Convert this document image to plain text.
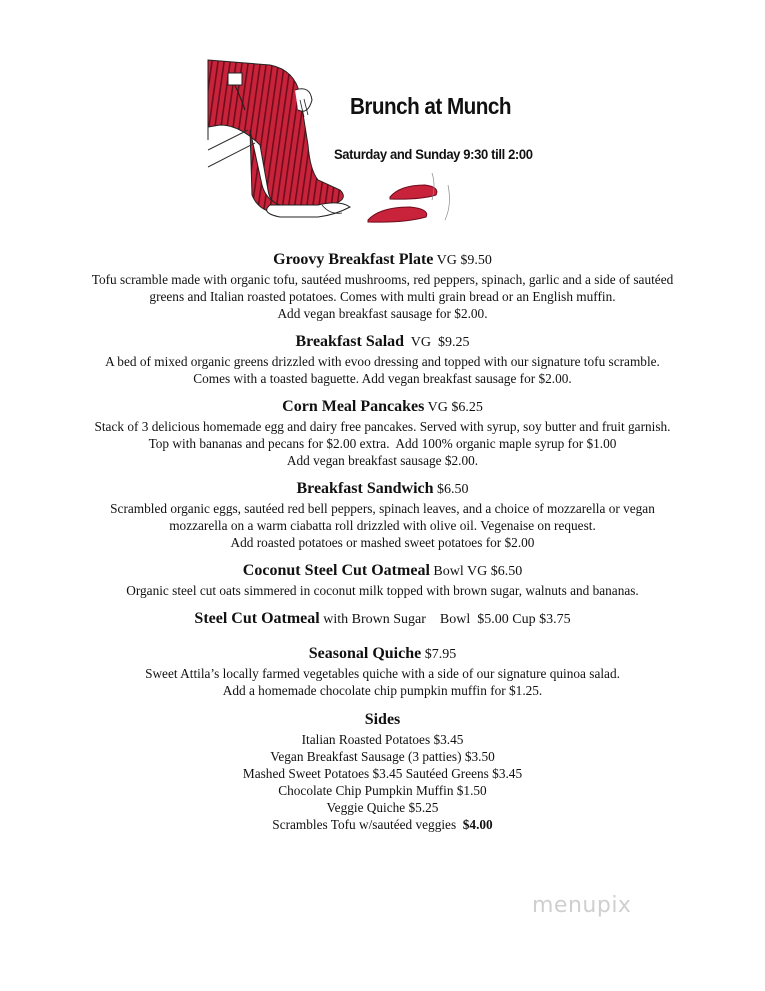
Brunch at Munch
Saturday and Sunday 9:30 till 2:00
Groovy Breakfast Plate VG $9.50
Tofu scramble made with organic tofu, sautéed mushrooms, red peppers, spinach, garlic and a side of sautéed
greens and Italian roasted potatoes. Comes with multi grain bread or an English muffin.
Add vegan breakfast sausage for $2.00.
Breakfast Salad  VG  $9.25
A bed of mixed organic greens drizzled with evoo dressing and topped with our signature tofu scramble.
Comes with a toasted baguette. Add vegan breakfast sausage for $2.00.
Corn Meal Pancakes VG $6.25
Stack of 3 delicious homemade egg and dairy free pancakes. Served with syrup, soy butter and fruit garnish.
Top with bananas and pecans for $2.00 extra.  Add 100% organic maple syrup for $1.00
Add vegan breakfast sausage $2.00.
Breakfast Sandwich $6.50
Scrambled organic eggs, sautéed red bell peppers, spinach leaves, and a choice of mozzarella or vegan
mozzarella on a warm ciabatta roll drizzled with olive oil. Vegenaise on request.
Add roasted potatoes or mashed sweet potatoes for $2.00
Coconut Steel Cut Oatmeal Bowl VG $6.50
Organic steel cut oats simmered in coconut milk topped with brown sugar, walnuts and bananas.
Steel Cut Oatmeal with Brown Sugar    Bowl  $5.00 Cup $3.75
Seasonal Quiche $7.95
Sweet Attila’s locally farmed vegetables quiche with a side of our signature quinoa salad.
Add a homemade chocolate chip pumpkin muffin for $1.25.
Sides
Italian Roasted Potatoes $3.45
Vegan Breakfast Sausage (3 patties) $3.50
Mashed Sweet Potatoes $3.45 Sautéed Greens $3.45
Chocolate Chip Pumpkin Muffin $1.50
Veggie Quiche $5.25
Scrambles Tofu w/sautéed veggies  $4.00
menupix
